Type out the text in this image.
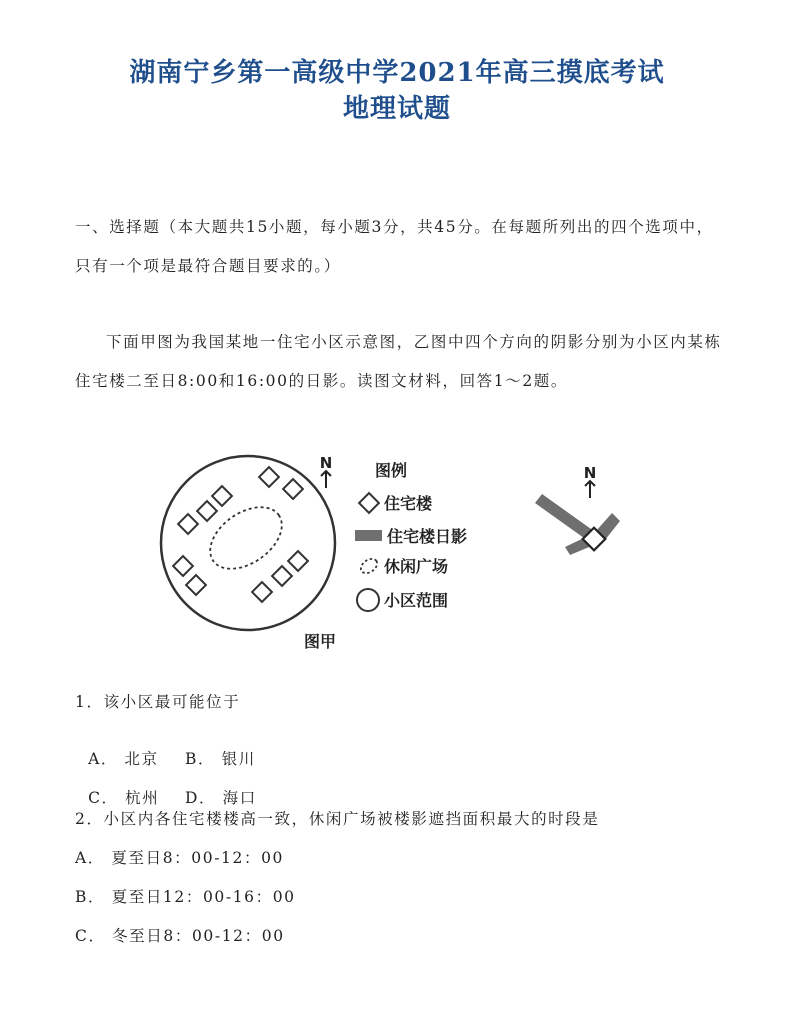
湖南宁乡第一高级中学2021年高三摸底考试
地理试题
一、选择题（本大题共15小题，每小题3分，共45分。在每题所列出的四个选项中，只有一个项是最符合题目要求的。）
下面甲图为我国某地一住宅小区示意图，乙图中四个方向的阴影分别为小区内某栋住宅楼二至日8:00和16:00的日影。读图文材料，回答1～2题。
N	图例
住宅楼
住宅楼日影
休闲广场
小区范围
图甲
N
1．该小区最可能位于

A． 北京 B． 银川

C． 杭州 D． 海口

2．小区内各住宅楼楼高一致，休闲广场被楼影遮挡面积最大的时段是
A． 夏至日8：00-12：00
B． 夏至日12：00-16：00
C． 冬至日8：00-12：00
